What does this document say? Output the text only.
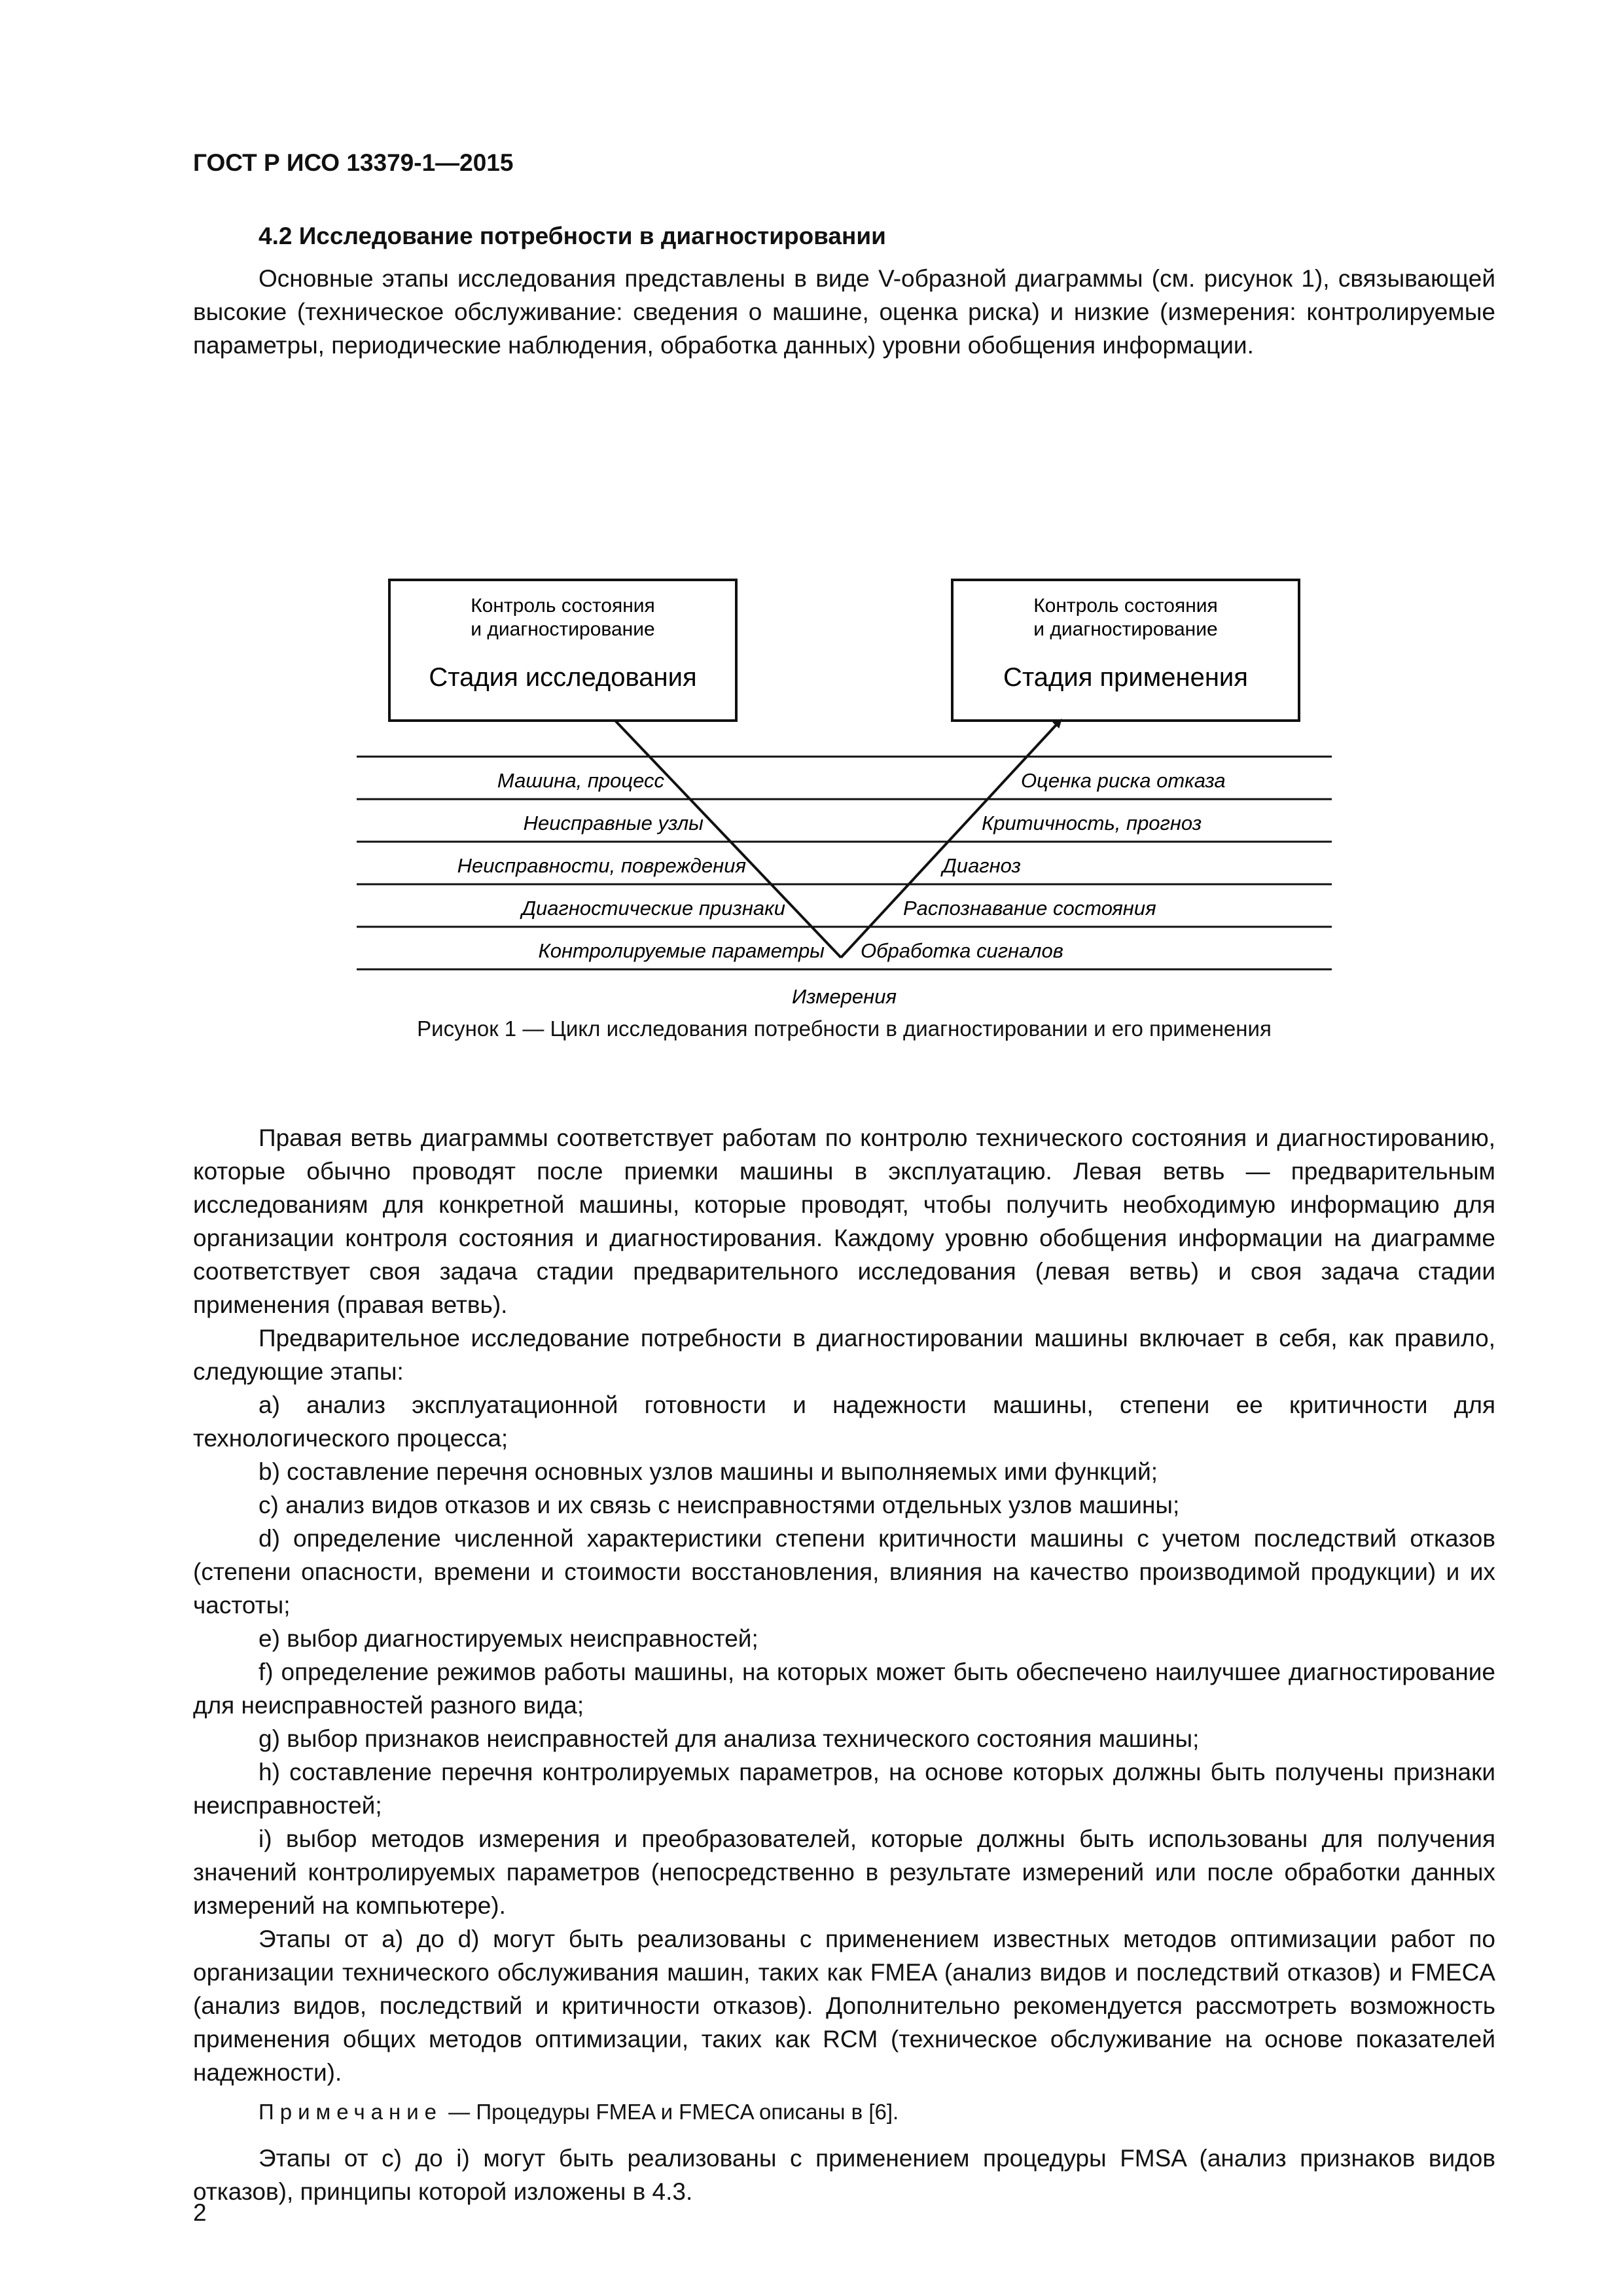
ГОСТ Р ИСО 13379-1—2015
4.2 Исследование потребности в диагностировании

Основные этапы исследования представлены в виде V-образной диаграммы (см. рисунок 1), связывающей высокие (техническое обслуживание: сведения о машине, оценка риска) и низкие (измерения: контролируемые параметры, периодические наблюдения, обработка данных) уровни обобщения информации.

Контроль состояния
и диагностирование
Стадия исследования
Контроль состояния
и диагностирование
Стадия применения
Машина, процесс
Неисправные узлы
Неисправности, повреждения
Диагностические признаки
Контролируемые параметры
Оценка риска отказа
Критичность, прогноз
Диагноз
Распознавание состояния
Обработка сигналов
Измерения
Рисунок 1 — Цикл исследования потребности в диагностировании и его применения

Правая ветвь диаграммы соответствует работам по контролю технического состояния и диагностированию, которые обычно проводят после приемки машины в эксплуатацию. Левая ветвь — предварительным исследованиям для конкретной машины, которые проводят, чтобы получить необходимую информацию для организации контроля состояния и диагностирования. Каждому уровню обобщения информации на диаграмме соответствует своя задача стадии предварительного исследования (левая ветвь) и своя задача стадии применения (правая ветвь).

Предварительное исследование потребности в диагностировании машины включает в себя, как правило, следующие этапы:

a) анализ эксплуатационной готовности и надежности машины, степени ее критичности для технологического процесса;

b) составление перечня основных узлов машины и выполняемых ими функций;

c) анализ видов отказов и их связь с неисправностями отдельных узлов машины;

d) определение численной характеристики степени критичности машины с учетом последствий отказов (степени опасности, времени и стоимости восстановления, влияния на качество производимой продукции) и их частоты;

e) выбор диагностируемых неисправностей;

f) определение режимов работы машины, на которых может быть обеспечено наилучшее диагностирование для неисправностей разного вида;

g) выбор признаков неисправностей для анализа технического состояния машины;

h) составление перечня контролируемых параметров, на основе которых должны быть получены признаки неисправностей;

i) выбор методов измерения и преобразователей, которые должны быть использованы для получения значений контролируемых параметров (непосредственно в результате измерений или после обработки данных измерений на компьютере).

Этапы от a) до d) могут быть реализованы с применением известных методов оптимизации работ по организации технического обслуживания машин, таких как FMEA (анализ видов и последствий отказов) и FMECA (анализ видов, последствий и критичности отказов). Дополнительно рекомендуется рассмотреть возможность применения общих методов оптимизации, таких как RCM (техническое обслуживание на основе показателей надежности).

Примечание — Процедуры FMEA и FMECA описаны в [6].

Этапы от c) до i) могут быть реализованы с применением процедуры FMSA (анализ признаков видов отказов), принципы которой изложены в 4.3.

2
